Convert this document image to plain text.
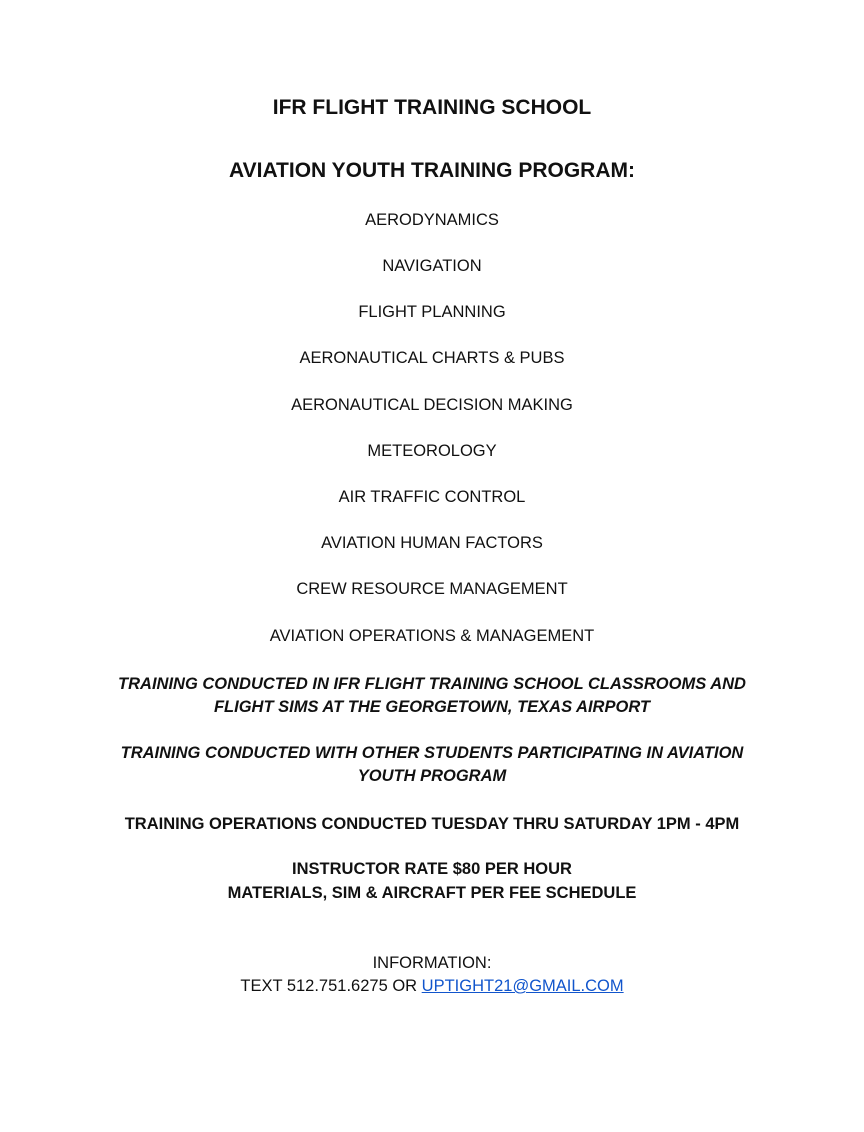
IFR FLIGHT TRAINING SCHOOL
AVIATION YOUTH TRAINING PROGRAM:
AERODYNAMICS
NAVIGATION
FLIGHT PLANNING
AERONAUTICAL CHARTS & PUBS
AERONAUTICAL DECISION MAKING
METEOROLOGY
AIR TRAFFIC CONTROL
AVIATION HUMAN FACTORS
CREW RESOURCE MANAGEMENT
AVIATION OPERATIONS & MANAGEMENT
TRAINING CONDUCTED IN IFR FLIGHT TRAINING SCHOOL CLASSROOMS AND
FLIGHT SIMS AT THE GEORGETOWN, TEXAS AIRPORT
TRAINING CONDUCTED WITH OTHER STUDENTS PARTICIPATING IN AVIATION
YOUTH PROGRAM
TRAINING OPERATIONS CONDUCTED TUESDAY THRU SATURDAY 1PM - 4PM
INSTRUCTOR RATE $80 PER HOUR
MATERIALS, SIM & AIRCRAFT PER FEE SCHEDULE
INFORMATION:
TEXT 512.751.6275 OR UPTIGHT21@GMAIL.COM
